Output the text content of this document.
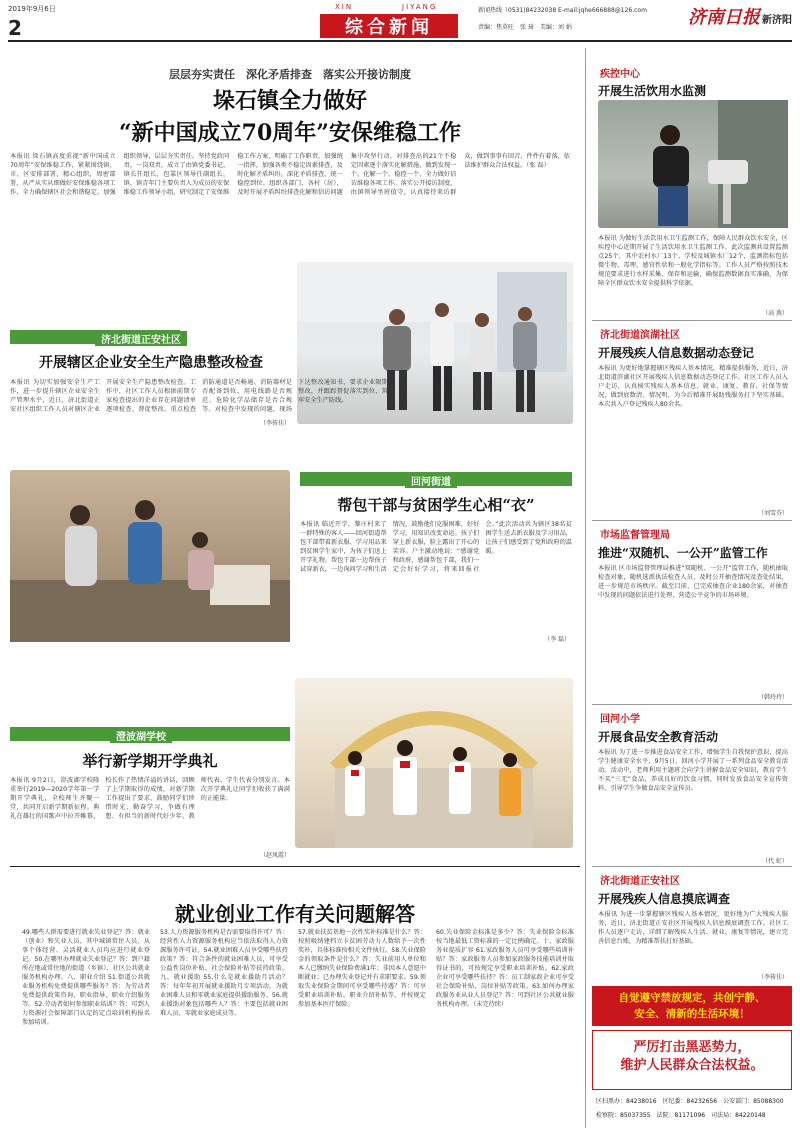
2019年9月6日
2
XIN	JIYANG
综合新闻
新闻热线（0531)84232038 E-mail:jqhe666888@126.com
责编：焦莫旺　张 琦　美编：刘 娟	济南日报 新济阳
层层夯实责任　深化矛盾排查　落实公开接访制度
垛石镇全力做好
“新中国成立70周年”安保维稳工作
本报讯 垛石镇高度重视“新中国成立70周年”安保维稳工作，紧紧围绕镇、市、区安排部署，精心组织，周密部署，从严从实从细做好安保维稳各项工作，全力确保辖区社会和谐稳定。加强组织领导，层层夯实责任。坚持党政同责、一岗双责，成立了由镇党委书记、镇长任组长，包靠区领导任副组长，镇、镇青年门主要负责人为成员的安保维稳工作领导小组，研究制定了安保维稳工作方案，明确了工作职责，加强统一指挥，加强各类不稳定因素排查，及时化解矛盾纠纷。深化矛盾排查，统一稳控到位。组织各部门，各村（居），及时开展矛盾纠纷排查化解和信访问题集中攻坚行动，对排查出的21个不稳定因素逐个落实化解措施，做到发现一个、化解一个、稳控一个，全力做好信访维稳各项工作。落实公开接访制度，由镇领导坐班值守，认真接待来访群众，做到事事有回音，件件有着落，依法维护群众合法权益。（张 磊）
济北街道正安社区
开展辖区企业安全生产隐患整改检查
本报讯 为切实加强安全生产工作，进一步提升辖区企业安全生产管理水平，近日，济北街道正安社区组织工作人员对辖区企业开展安全生产隐患整改检查。工作中，社区工作人员根据前期专家检查提出的企业存在问题清单逐项检查、督促整改，重点检查消防通道是否畅通、消防器材是否配备到位、用电线路是否规范、危险化学品储存是否合规等。对检查中发现的问题，现场下达整改通知书，要求企业限期整改，并跟踪督促落实到位，筑牢安全生产防线。
（李传佳）
回河街道
帮包干部与贫困学生心相“衣”
本报讯 临近开学，黎庄村来了一群特殊的客人——回河街道帮包干部带着新衣服、学习用品来到贫困学生家中，为孩子们送上开学礼物。帮包干部一边帮孩子试穿新衣，一边询问学习和生活情况，鼓励他们克服困难，好好学习，用知识改变命运。孩子们穿上新衣服，脸上露出了开心的笑容。户主激动地说：“感谢党和政府，感谢帮包干部，我们一定会好好学习，将来回报社会。”此次活动共为辖区38名贫困学生送去新衣服及学习用品，让孩子们感受到了党和政府的温暖。
（李 磊）
澄波湖学校
举行新学期开学典礼
本报讯 9月2日，澄波湖学校隆重举行2019—2020学年第一学期开学典礼，全校师生齐聚一堂，共同开启新学期新征程。典礼在雄壮的国歌声中拉开帷幕，校长作了热情洋溢的讲话，回顾了上学期取得的成绩，对新学期工作提出了要求，鼓励同学们珍惜时光、勤奋学习，争做有理想、有担当的新时代好少年。教师代表、学生代表分别发言。本次开学典礼让同学们收获了满满的正能量。
（赵凤霞）
就业创业工作有关问题解答
49.哪些人群需要进行就业失业登记？答：就业（创业）和失业人员，其中城镇常住人员、从事个体经营、灵活就业人员均应进行就业登记。50.在哪里办理就业失业登记？答：到户籍所在地或常住地的街道（乡镇）、社区公共就业服务机构办理。八、职业介绍 51.街道公共就业服务机构免费提供哪些服务？答：为劳动者免费提供政策咨询、职业指导、职业介绍服务等。52.劳动者如何参加职业培训？答：可到人力资源社会保障部门认定的定点培训机构报名参加培训。
53.人力资源服务机构是否需要取得许可？答：经营性人力资源服务机构应当依法取得人力资源服务许可证。54.就业困难人员享受哪些扶持政策？答：符合条件的就业困难人员，可享受公益性岗位补贴、社会保险补贴等扶持政策。九、就业援助 55.什么是就业援助月活动？答：每年年初开展就业援助月专项活动，为就业困难人员和零就业家庭提供援助服务。56.就业援助对象包括哪些人？答：主要包括就业困难人员、零就业家庭成员等。
57.就业扶贫基地一次性奖补标准是什么？答：按照吸纳建档立卡贫困劳动力人数给予一次性奖补，具体标准按相关文件执行。58.失业保险金的领取条件是什么？答：失业前用人单位和本人已缴纳失业保险费满1年；非因本人意愿中断就业；已办理失业登记并有求职要求。59.领取失业保险金期间可享受哪些待遇？答：可享受职业培训补贴、职业介绍补贴等，并按规定参加基本医疗保险。
60.失业保险金标准是多少？答：失业保险金标准按当地最低工资标准的一定比例确定。十、家政服务业提质扩容 61.家政服务人员可享受哪些培训补贴？答：家政服务人员参加家政服务技能培训并取得证书的，可按规定享受职业培训补贴。62.家政企业可享受哪些扶持？答：员工制家政企业可享受社会保险补贴、岗位补贴等政策。63.如何办理家政服务业从业人员登记？答：可到社区公共就业服务机构办理。（未完待续）
疾控中心
开展生活饮用水监测
本报讯 为做好生活饮用水卫生监测工作，保障人民群众饮水安全，区疾控中心近期开展了生活饮用水卫生监测工作。此次监测共设置监测点25个，其中农村水厂13个、学校及城镇水厂12个，监测指标包括微生物、毒理、感官性状和一般化学指标等。工作人员严格按照技术规范要求进行水样采集、保存和运输，确保监测数据真实准确，为保障全区群众饮水安全提供科学依据。
（高 燕）
济北街道滨湖社区
开展残疾人信息数据动态登记
本报讯 为更好地掌握辖区残疾人基本情况，精准提供服务，近日，济北街道滨湖社区开展残疾人信息数据动态登记工作。社区工作人员入户走访，认真核实残疾人基本信息、就业、康复、教育、社保等情况，做到底数清、情况明，为今后精准开展助残服务打下坚实基础。本次共入户登记残疾人80余名。
（刘雪芬）
市场监督管理局
推进“双随机、一公开”监管工作
本报讯 区市场监督管理局推进“双随机、一公开”监管工作，随机抽取检查对象，随机选派执法检查人员，及时公开抽查情况及查处结果，进一步规范市场秩序。截至目前，已完成抽查企业180余家，对抽查中发现的问题依法进行处理，营造公平竞争的市场环境。
（韩玲玲）
回河小学
开展食品安全教育活动
本报讯 为了进一步推进食品安全工作，增强学生自我保护意识，提高学生健康安全水平，9月5日，回河小学开展了一系列食品安全教育活动。活动中，老师利用主题班会向学生讲解食品安全知识，教育学生不买“三无”食品，养成良好的饮食习惯，同时发放食品安全宣传资料，引导学生争做食品安全宣传员。
（代 虹）
济北街道正安社区
开展残疾人信息摸底调查
本报讯 为进一步掌握辖区残疾人基本情况，更好地为广大残疾人服务，近日，济北街道正安社区开展残疾人信息摸底调查工作。社区工作人员逐户走访，详细了解残疾人生活、就业、康复等情况，建立完善信息台账，为精准帮扶打好基础。
（李传佳）
自觉遵守禁放规定，共创宁静、
安全、清新的生活环境！
严厉打击黑恶势力，
维护人民群众合法权益。
区扫黑办：84238016　区纪委：84232656　公安部门：85088300
检察院：85037355　法院：81171096　司法局：84220148
